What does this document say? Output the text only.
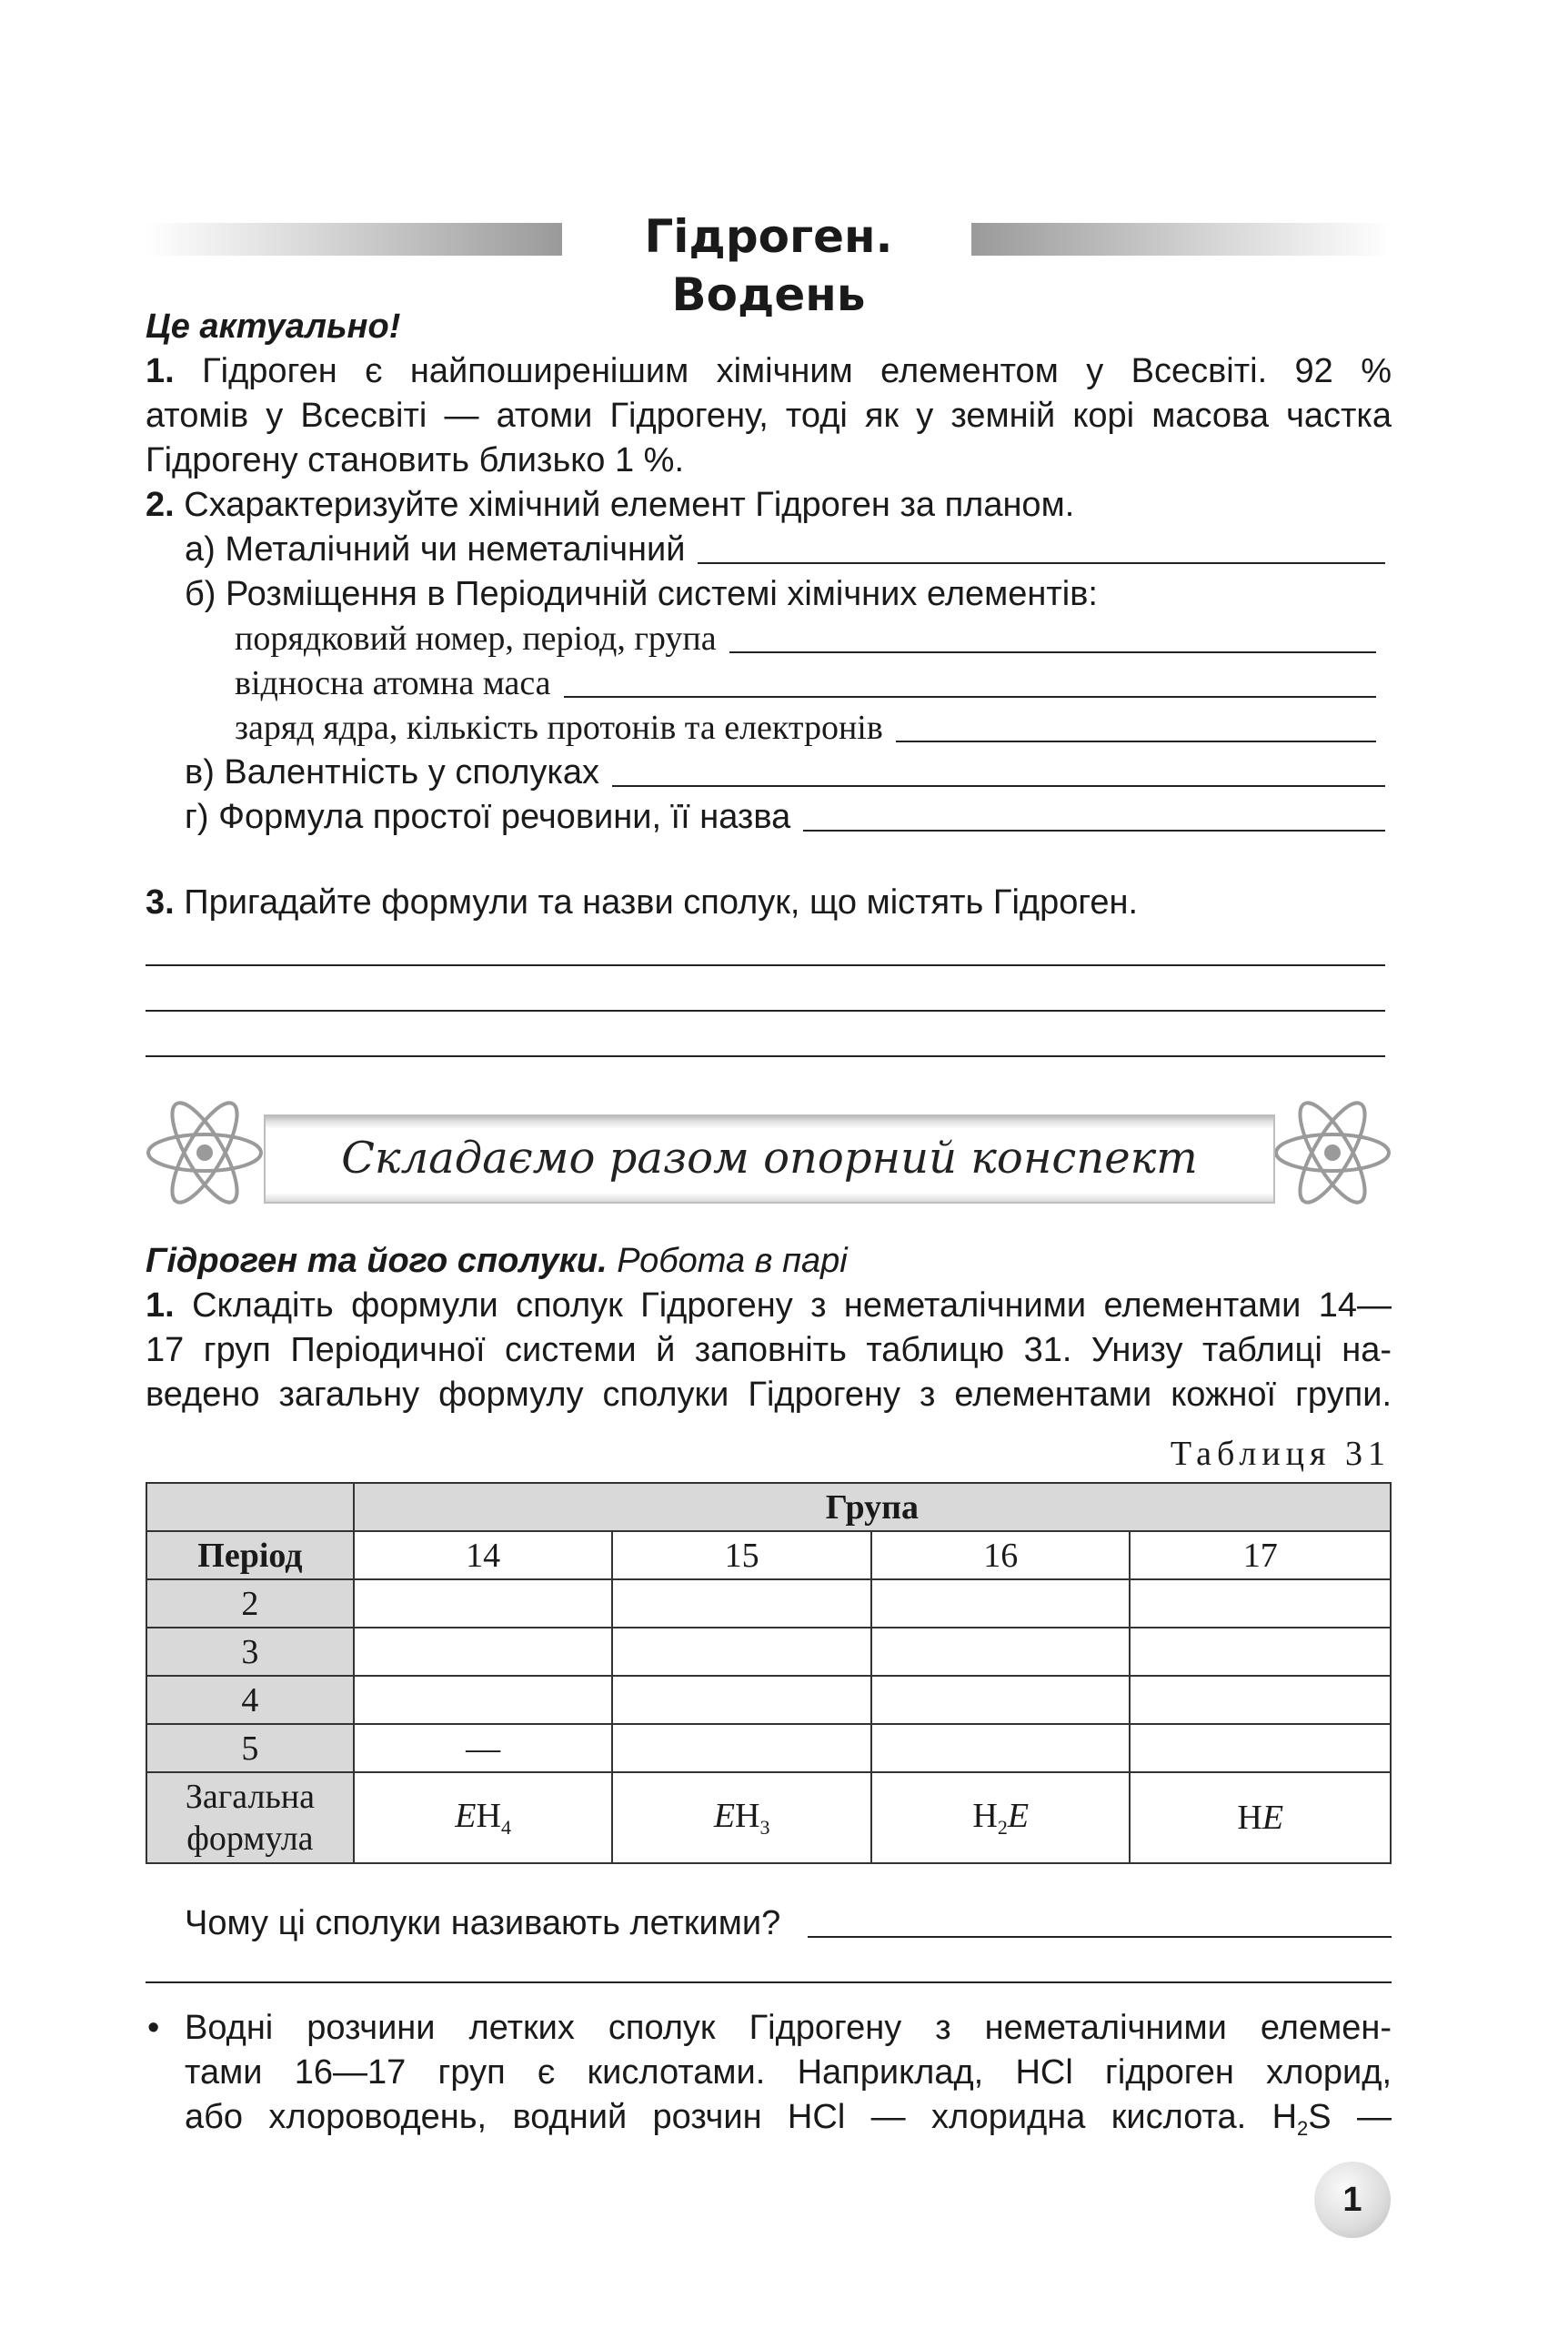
Гідроген. Водень
Це актуально!
1. Гідроген є найпоширенішим хімічним елементом у Всесвіті. 92 %
атомів у Всесвіті — атоми Гідрогену, тоді як у земній корі масова частка
Гідрогену становить близько 1 %.
2. Схарактеризуйте хімічний елемент Гідроген за планом.
а) Металічний чи неметалічний
б) Розміщення в Періодичній системі хімічних елементів:
порядковий номер, період, група
відносна атомна маса
заряд ядра, кількість протонів та електронів
в) Валентність у сполуках
г) Формула простої речовини, її назва
3. Пригадайте формули та назви сполук, що містять Гідроген.
Складаємо разом опорний конспект
Гідроген та його сполуки. Робота в парі
1. Складіть формули сполук Гідрогену з неметалічними елементами 14—
17 груп Періодичної системи й заповніть таблицю 31. Унизу таблиці на-
ведено загальну формулу сполуки Гідрогену з елементами кожної групи.
Таблиця 31
	Група			
Період	14	15	16	17
2				
3				
4				
5	—			
Загальна
формула	$EH_4$	$EH_3$	$H_2E$	HE
Чому ці сполуки називають леткими?
• Водні розчини летких сполук Гідрогену з неметалічними елемен-
тами 16—17 груп є кислотами. Наприклад, HCl гідроген хлорид,
або хлороводень, водний розчин HCl — хлоридна кислота. $H_2S$ —
1
